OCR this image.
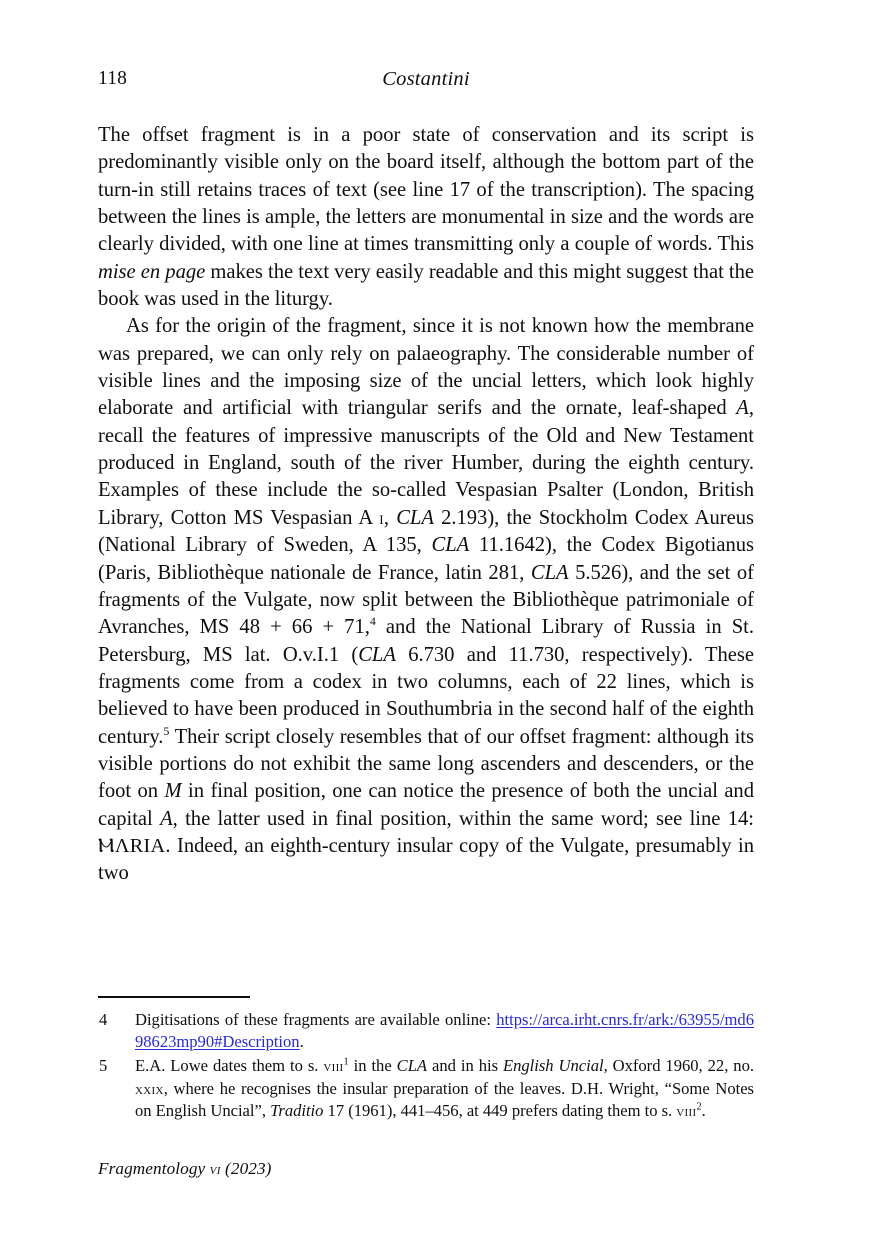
118	Costantini

The offset fragment is in a poor state of conservation and its script is predominantly visible only on the board itself, although the bottom part of the turn-in still retains traces of text (see line 17 of the transcription). The spacing between the lines is ample, the letters are monumental in size and the words are clearly divided, with one line at times transmitting only a couple of words. This mise en page makes the text very easily readable and this might suggest that the book was used in the liturgy.

As for the origin of the fragment, since it is not known how the membrane was prepared, we can only rely on palaeography. The considerable number of visible lines and the imposing size of the uncial letters, which look highly elaborate and artificial with triangular serifs and the ornate, leaf-shaped A, recall the features of impressive manuscripts of the Old and New Testament produced in England, south of the river Humber, during the eighth century. Examples of these include the so-called Vespasian Psalter (London, British Library, Cotton MS Vespasian A i, CLA 2.193), the Stockholm Codex Aureus (National Library of Sweden, A 135, CLA 11.1642), the Codex Bigotianus (Paris, Bibliothèque nationale de France, latin 281, CLA 5.526), and the set of fragments of the Vulgate, now split between the Bibliothèque patrimoniale of Avranches, MS 48 + 66 + 71,$^4$ and the National Library of Russia in St. Petersburg, MS lat. O.v.I.1 (CLA 6.730 and 11.730, respectively). These fragments come from a codex in two columns, each of 22 lines, which is believed to have been produced in Southumbria in the second half of the eighth century.$^5$ Their script closely resembles that of our offset fragment: although its visible portions do not exhibit the same long ascenders and descenders, or the foot on M in final position, one can notice the presence of both the uncial and capital A, the latter used in final position, within the same word; see line 14: ⲘΛRIA. Indeed, an eighth-century insular copy of the Vulgate, presumably in two

4 Digitisations of these fragments are available online: https://arca.irht.cnrs.fr/ark:/63955/md698623mp90#Description.
5 E.A. Lowe dates them to s. viii$^1$ in the CLA and in his English Uncial, Oxford 1960, 22, no. xxix, where he recognises the insular preparation of the leaves. D.H. Wright, “Some Notes on English Uncial”, Traditio 17 (1961), 441–456, at 449 prefers dating them to s. viii$^2$.
Fragmentology vi (2023)
